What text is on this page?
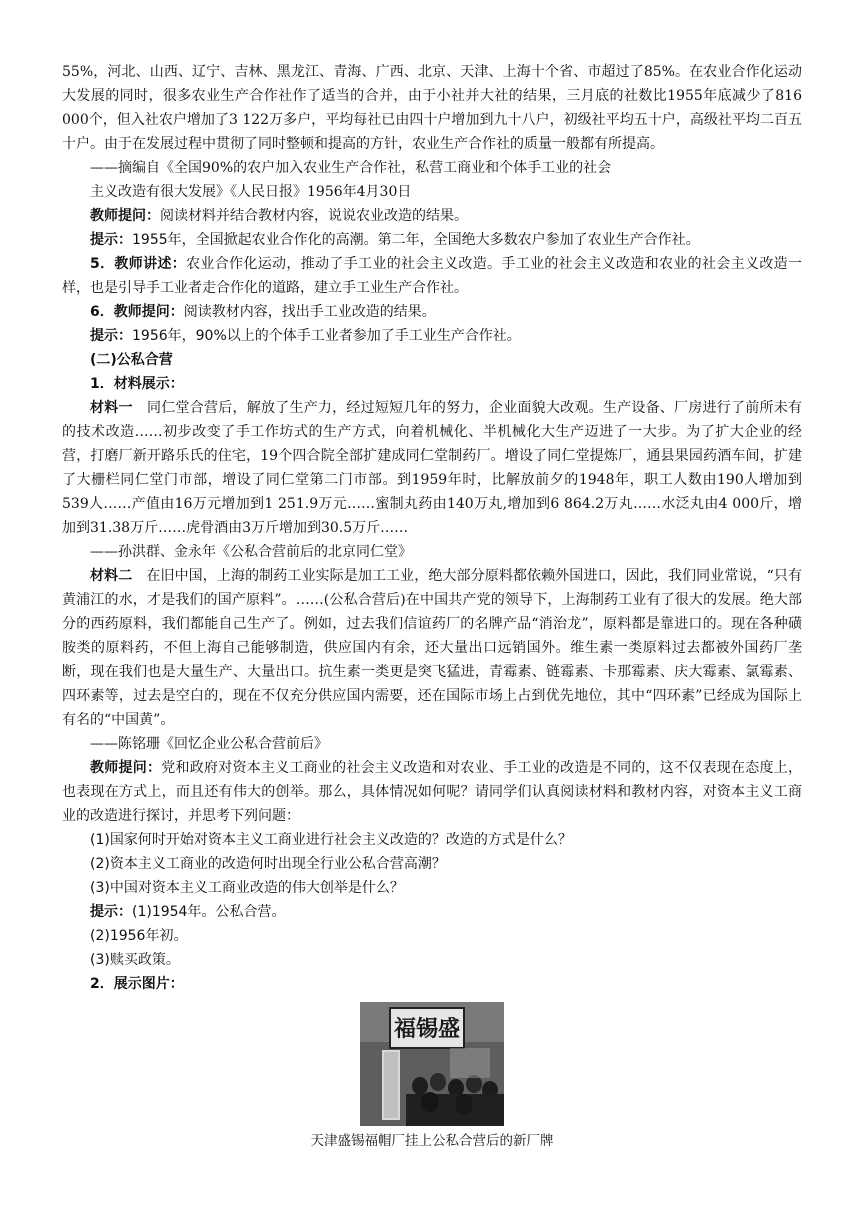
55%，河北、山西、辽宁、吉林、黑龙江、青海、广西、北京、天津、上海十个省、市超过了85%。在农业合作化运动大发展的同时，很多农业生产合作社作了适当的合并，由于小社并大社的结果，三月底的社数比1955年底减少了816 000个，但入社农户增加了3 122万多户，平均每社已由四十户增加到九十八户，初级社平均五十户，高级社平均二百五十户。由于在发展过程中贯彻了同时整顿和提高的方针，农业生产合作社的质量一般都有所提高。

——摘编自《全国90%的农户加入农业生产合作社，私营工商业和个体手工业的社会

主义改造有很大发展》《人民日报》1956年4月30日

教师提问：阅读材料并结合教材内容，说说农业改造的结果。

提示：1955年，全国掀起农业合作化的高潮。第二年，全国绝大多数农户参加了农业生产合作社。

5．教师讲述：农业合作化运动，推动了手工业的社会主义改造。手工业的社会主义改造和农业的社会主义改造一样，也是引导手工业者走合作化的道路，建立手工业生产合作社。

6．教师提问：阅读教材内容，找出手工业改造的结果。

提示：1956年，90%以上的个体手工业者参加了手工业生产合作社。

(二)公私合营

1．材料展示：

材料一　同仁堂合营后，解放了生产力，经过短短几年的努力，企业面貌大改观。生产设备、厂房进行了前所未有的技术改造……初步改变了手工作坊式的生产方式，向着机械化、半机械化大生产迈进了一大步。为了扩大企业的经营，打磨厂新开路乐氏的住宅，19个四合院全部扩建成同仁堂制药厂。增设了同仁堂提炼厂，通县果园药酒车间，扩建了大栅栏同仁堂门市部，增设了同仁堂第二门市部。到1959年时，比解放前夕的1948年，职工人数由190人增加到539人……产值由16万元增加到1 251.9万元……蜜制丸药由140万丸,增加到6 864.2万丸……水泛丸由4 000斤，增加到31.38万斤……虎骨酒由3万斤增加到30.5万斤……

——孙洪群、金永年《公私合营前后的北京同仁堂》

材料二　在旧中国，上海的制药工业实际是加工工业，绝大部分原料都依赖外国进口，因此，我们同业常说，“只有黄浦江的水，才是我们的国产原料”。……(公私合营后)在中国共产党的领导下，上海制药工业有了很大的发展。绝大部分的西药原料，我们都能自己生产了。例如，过去我们信谊药厂的名牌产品“消治龙”，原料都是靠进口的。现在各种磺胺类的原料药，不但上海自己能够制造，供应国内有余，还大量出口远销国外。维生素一类原料过去都被外国药厂垄断，现在我们也是大量生产、大量出口。抗生素一类更是突飞猛进，青霉素、链霉素、卡那霉素、庆大霉素、氯霉素、四环素等，过去是空白的，现在不仅充分供应国内需要，还在国际市场上占到优先地位，其中“四环素”已经成为国际上有名的“中国黄”。

——陈铭珊《回忆企业公私合营前后》

教师提问：党和政府对资本主义工商业的社会主义改造和对农业、手工业的改造是不同的，这不仅表现在态度上，也表现在方式上，而且还有伟大的创举。那么，具体情况如何呢？请同学们认真阅读材料和教材内容，对资本主义工商业的改造进行探讨，并思考下列问题：

(1)国家何时开始对资本主义工商业进行社会主义改造的？改造的方式是什么？

(2)资本主义工商业的改造何时出现全行业公私合营高潮？

(3)中国对资本主义工商业改造的伟大创举是什么？

提示：(1)1954年。公私合营。

(2)1956年初。

(3)赎买政策。

2．展示图片：

福锡盛
天津盛锡福帽厂挂上公私合营后的新厂牌
